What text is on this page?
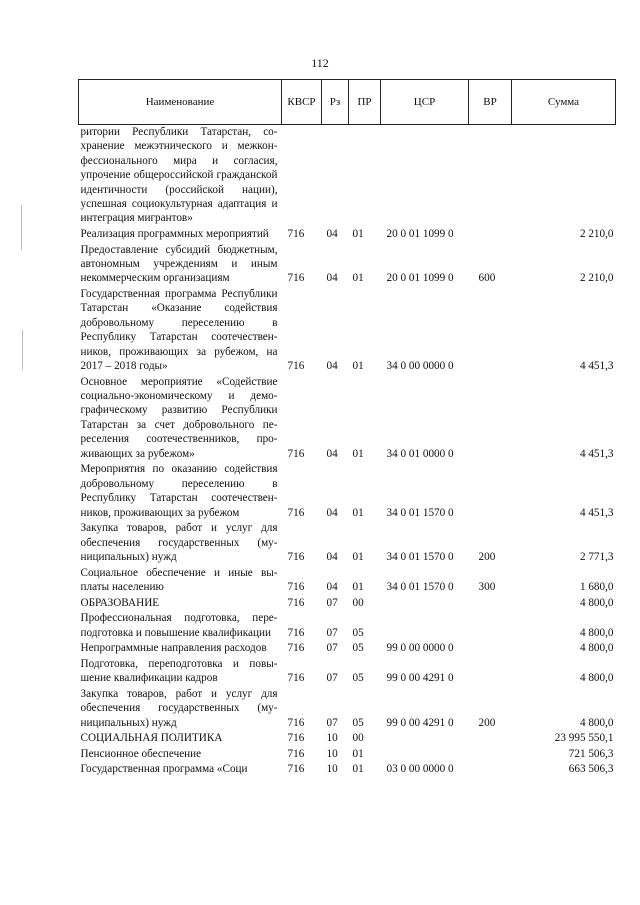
112
Наименование	КВСР	Рз	ПР	ЦСР	ВР	Сумма
ритории Республики Татарстан, сохранение межэтнического и межконфессионального мира и согласия, упрочение общероссийской гражданской идентичности (российской нации), успешная социокультурная адаптация и интеграция мигрантов»						
Реализация программных мероприятий	716	04	01	20 0 01 1099 0		2 210,0
Предоставление субсидий бюджетным, автономным учреждениям и иным некоммерческим организациям	716	04	01	20 0 01 1099 0	600	2 210,0
Государственная программа Республики Татарстан «Оказание содействия добровольному переселению в Республику Татарстан соотечественников, проживающих за рубежом, на 2017 – 2018 годы»	716	04	01	34 0 00 0000 0		4 451,3
Основное мероприятие «Содействие социально-экономическому и демографическому развитию Республики Татарстан за счет добровольного переселения соотечественников, проживающих за рубежом»	716	04	01	34 0 01 0000 0		4 451,3
Мероприятия по оказанию содействия добровольному переселению в Республику Татарстан соотечественников, проживающих за рубежом	716	04	01	34 0 01 1570 0		4 451,3
Закупка товаров, работ и услуг для обеспечения государственных (муниципальных) нужд	716	04	01	34 0 01 1570 0	200	2 771,3
Социальное обеспечение и иные выплаты населению	716	04	01	34 0 01 1570 0	300	1 680,0
ОБРАЗОВАНИЕ	716	07	00			4 800,0
Профессиональная подготовка, переподготовка и повышение квалификации	716	07	05			4 800,0
Непрограммные направления расходов	716	07	05	99 0 00 0000 0		4 800,0
Подготовка, переподготовка и повышение квалификации кадров	716	07	05	99 0 00 4291 0		4 800,0
Закупка товаров, работ и услуг для обеспечения государственных (муниципальных) нужд	716	07	05	99 0 00 4291 0	200	4 800,0
СОЦИАЛЬНАЯ ПОЛИТИКА	716	10	00			23 995 550,1
Пенсионное обеспечение	716	10	01			721 506,3
Государственная программа «Соци	716	10	01	03 0 00 0000 0		663 506,3
